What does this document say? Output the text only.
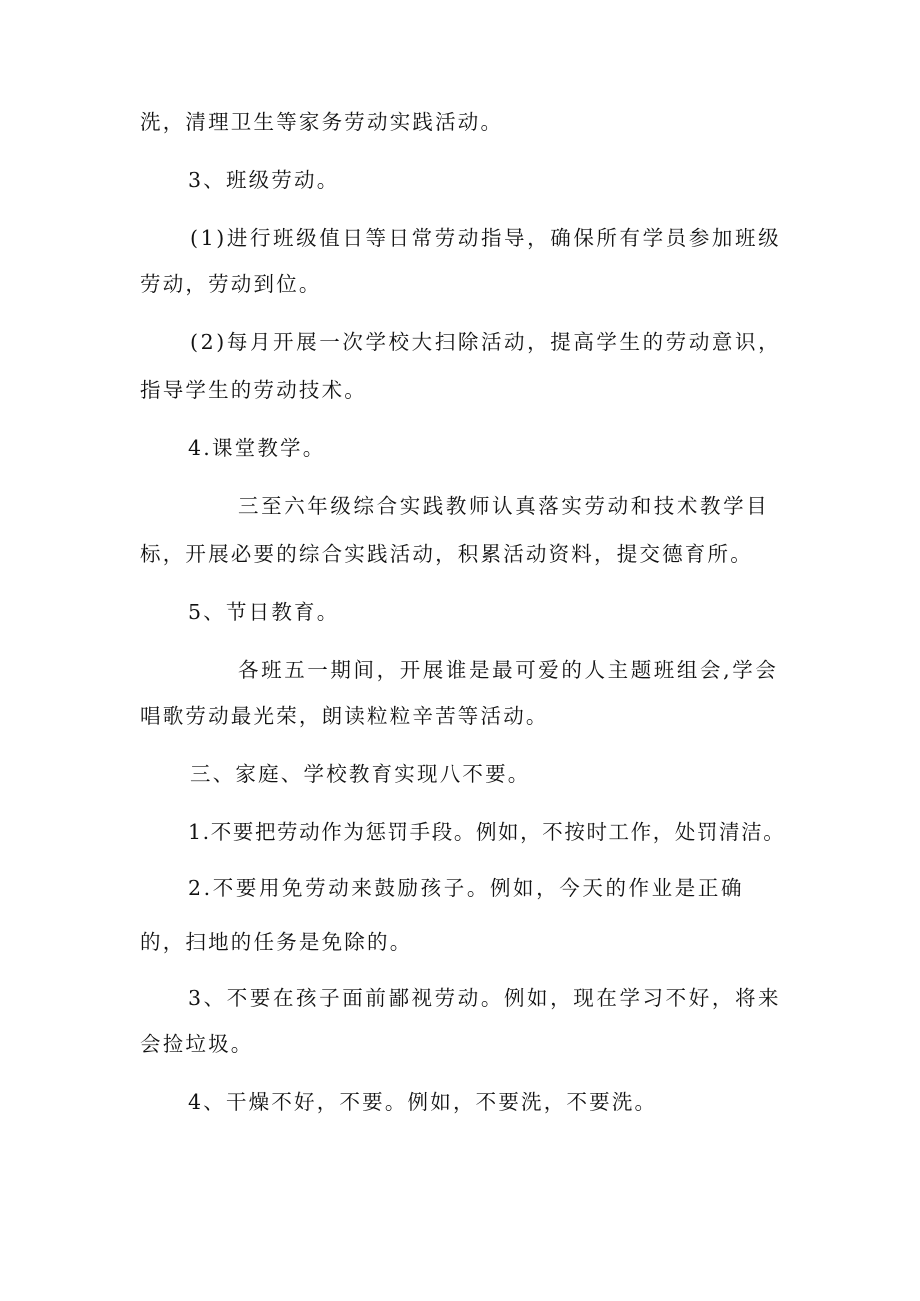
洗，清理卫生等家务劳动实践活动。
3、班级劳动。
(1)进行班级值日等日常劳动指导，确保所有学员参加班级
劳动，劳动到位。
(2)每月开展一次学校大扫除活动，提高学生的劳动意识，
指导学生的劳动技术。
4.课堂教学。
三至六年级综合实践教师认真落实劳动和技术教学目
标，开展必要的综合实践活动，积累活动资料，提交德育所。
5、节日教育。
各班五一期间，开展谁是最可爱的人主题班组会,学会
唱歌劳动最光荣，朗读粒粒辛苦等活动。
三、家庭、学校教育实现八不要。
1.不要把劳动作为惩罚手段。例如，不按时工作，处罚清洁。
2.不要用免劳动来鼓励孩子。例如，今天的作业是正确
的，扫地的任务是免除的。
3、不要在孩子面前鄙视劳动。例如，现在学习不好，将来
会捡垃圾。
4、干燥不好，不要。例如，不要洗，不要洗。
